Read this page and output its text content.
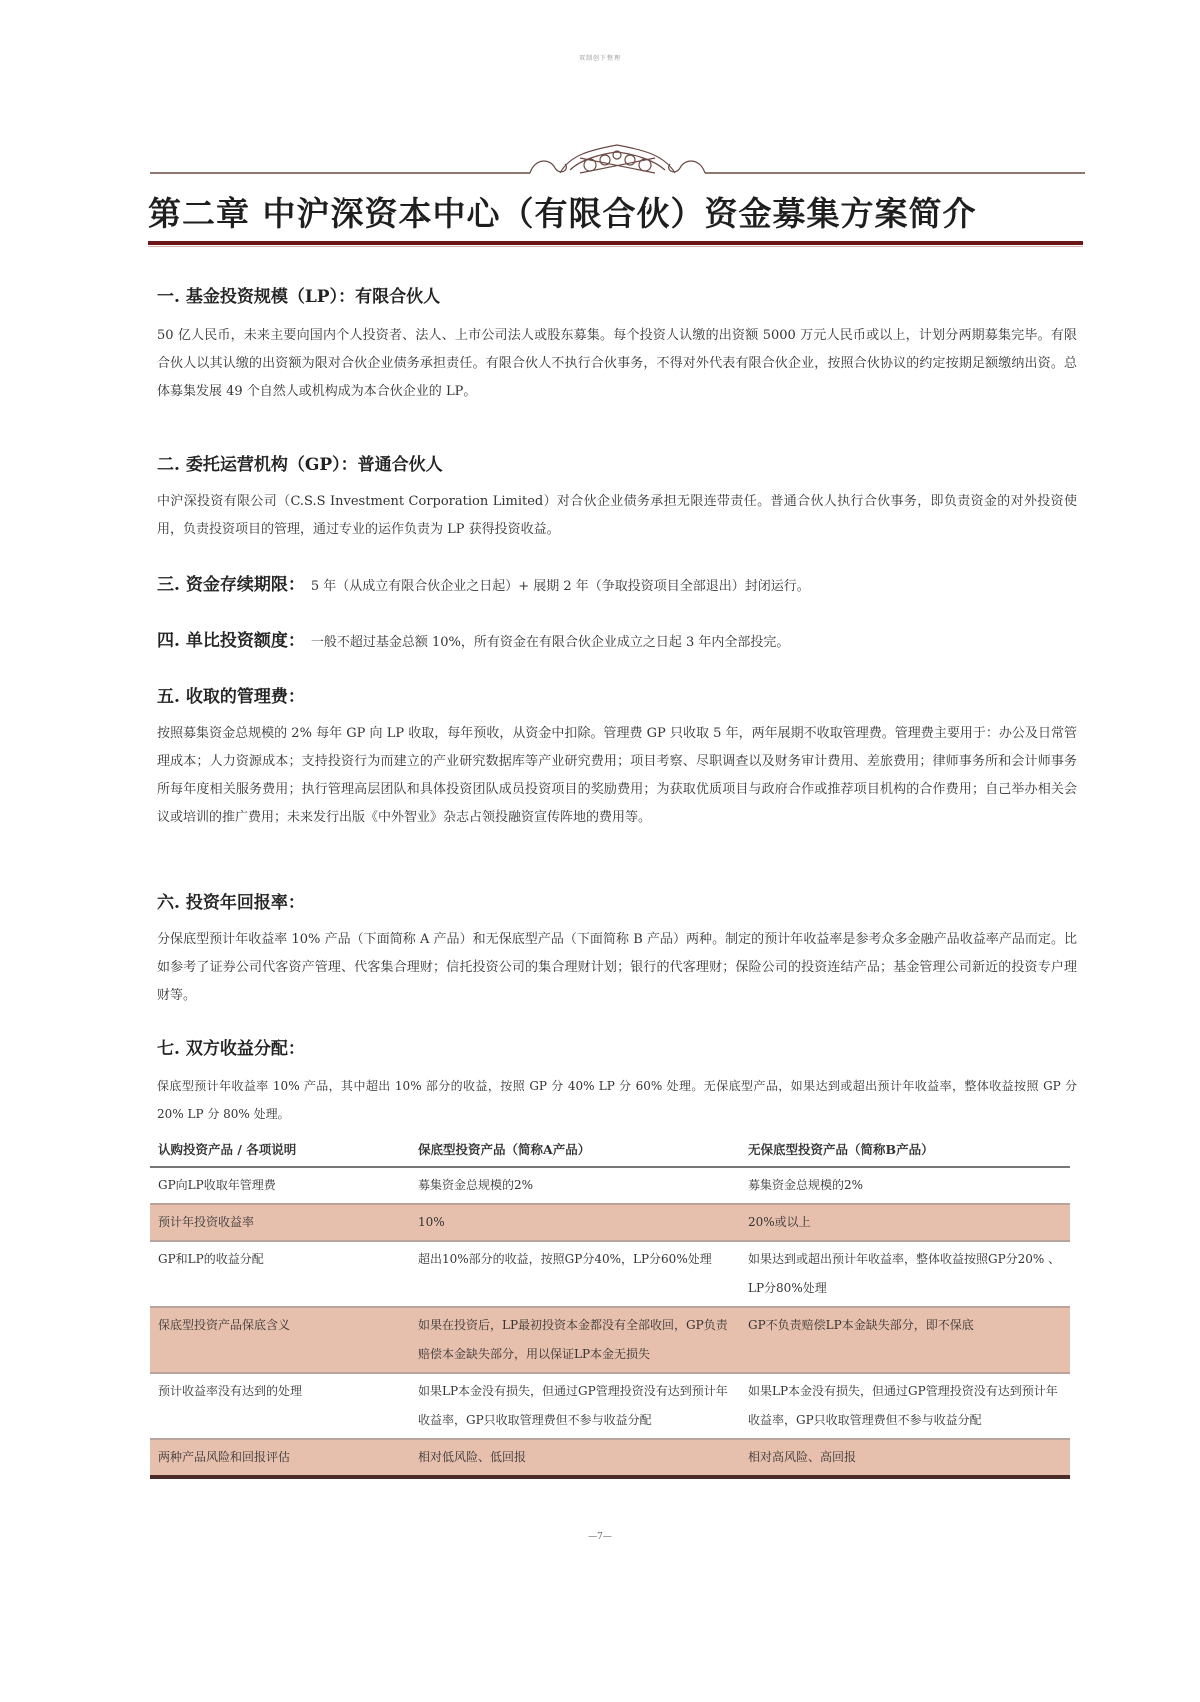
双制创下整理
第二章 中沪深资本中心（有限合伙）资金募集方案简介
一. 基金投资规模（LP）：有限合伙人

50 亿人民币，未来主要向国内个人投资者、法人、上市公司法人或股东募集。每个投资人认缴的出资额 5000 万元人民币或以上，计划分两期募集完毕。有限合伙人以其认缴的出资额为限对合伙企业债务承担责任。有限合伙人不执行合伙事务，不得对外代表有限合伙企业，按照合伙协议的约定按期足额缴纳出资。总体募集发展 49 个自然人或机构成为本合伙企业的 LP。

二. 委托运营机构（GP）：普通合伙人

中沪深投资有限公司（C.S.S Investment Corporation Limited）对合伙企业债务承担无限连带责任。普通合伙人执行合伙事务，即负责资金的对外投资使用，负责投资项目的管理，通过专业的运作负责为 LP 获得投资收益。

三. 资金存续期限： 5 年（从成立有限合伙企业之日起）+ 展期 2 年（争取投资项目全部退出）封闭运行。
四. 单比投资额度： 一般不超过基金总额 10%，所有资金在有限合伙企业成立之日起 3 年内全部投完。
五. 收取的管理费：

按照募集资金总规模的 2% 每年 GP 向 LP 收取，每年预收，从资金中扣除。管理费 GP 只收取 5 年，两年展期不收取管理费。管理费主要用于：办公及日常管理成本；人力资源成本；支持投资行为而建立的产业研究数据库等产业研究费用；项目考察、尽职调查以及财务审计费用、差旅费用；律师事务所和会计师事务所每年度相关服务费用；执行管理高层团队和具体投资团队成员投资项目的奖励费用；为获取优质项目与政府合作或推荐项目机构的合作费用；自己举办相关会议或培训的推广费用；未来发行出版《中外智业》杂志占领投融资宣传阵地的费用等。

六. 投资年回报率：

分保底型预计年收益率 10% 产品（下面简称 A 产品）和无保底型产品（下面简称 B 产品）两种。制定的预计年收益率是参考众多金融产品收益率产品而定。比如参考了证券公司代客资产管理、代客集合理财；信托投资公司的集合理财计划；银行的代客理财；保险公司的投资连结产品；基金管理公司新近的投资专户理财等。

七. 双方收益分配：

保底型预计年收益率 10% 产品，其中超出 10% 部分的收益，按照 GP 分 40% LP 分 60% 处理。无保底型产品，如果达到或超出预计年收益率，整体收益按照 GP 分 20% LP 分 80% 处理。

认购投资产品 / 各项说明	保底型投资产品（简称A产品）	无保底型投资产品（简称B产品）
GP向LP收取年管理费	募集资金总规模的2%	募集资金总规模的2%
预计年投资收益率	10%	20%或以上
GP和LP的收益分配	超出10%部分的收益，按照GP分40%，LP分60%处理	如果达到或超出预计年收益率，整体收益按照GP分20% 、LP分80%处理
保底型投资产品保底含义	如果在投资后，LP最初投资本金都没有全部收回，GP负责赔偿本金缺失部分，用以保证LP本金无损失	GP不负责赔偿LP本金缺失部分，即不保底
预计收益率没有达到的处理	如果LP本金没有损失，但通过GP管理投资没有达到预计年收益率，GP只收取管理费但不参与收益分配	如果LP本金没有损失，但通过GP管理投资没有达到预计年收益率，GP只收取管理费但不参与收益分配
两种产品风险和回报评估	相对低风险、低回报	相对高风险、高回报
—7—
